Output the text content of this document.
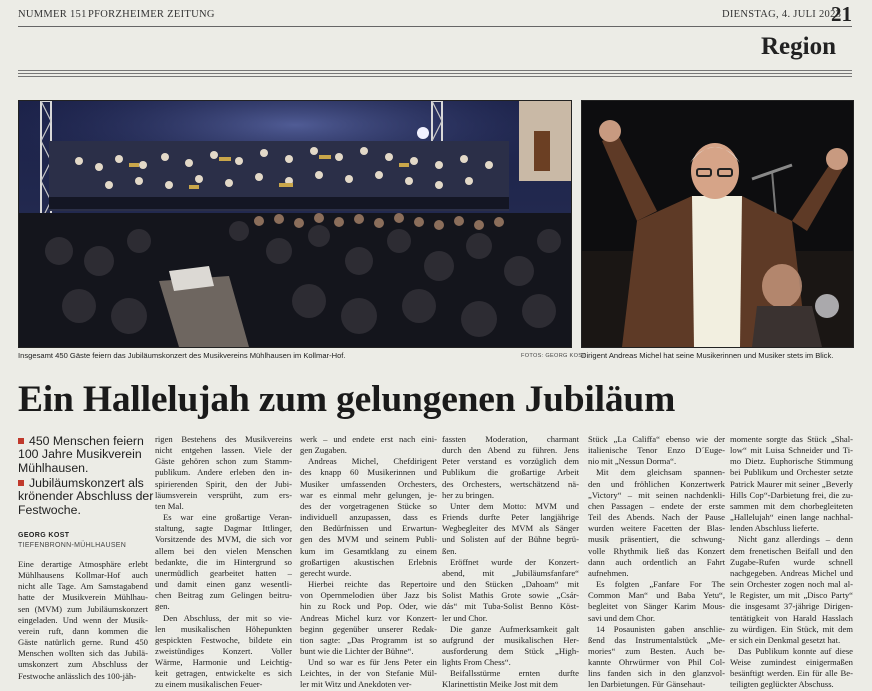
NUMMER 151 PFORZHEIMER ZEITUNG	DIENSTAG, 4. JULI 2023
21
Region
Insgesamt 450 Gäste feiern das Jubiläumskonzert des Musikvereins Mühlhausen im Kollmar-Hof.	FOTOS: GEORG KOST
Dirigent Andreas Michel hat seine Musikerinnen und Musiker stets im Blick.
Ein Hallelujah zum gelungenen Jubiläum
450 Menschen feiern
100 Jahre Musikverein
Mühlhausen.
Jubiläumskonzert als
krönender Abschluss der
Festwoche.
GEORG KOST
TIEFENBRONN-MÜHLHAUSEN
Eine derartige Atmosphäre erlebt
Mühlhausens Kollmar-Hof auch
nicht alle Tage. Am Samstagabend
hatte der Musikverein Mühlhau-
sen (MVM) zum Jubiläumskonzert
eingeladen. Und wenn der Musik-
verein ruft, dann kommen die
Gäste natürlich gerne. Rund 450
Menschen wollten sich das Jubilä-
umskonzert zum Abschluss der
Festwoche anlässlich des 100-jäh-
rigen Bestehens des Musikvereins
nicht entgehen lassen. Viele der
Gäste gehören schon zum Stamm-
publikum. Andere erleben den in-
spirierenden Spirit, den der Jubi-
läumsverein versprüht, zum ers-
ten Mal.
Es war eine großartige Veran-
staltung, sagte Dagmar Ittlinger,
Vorsitzende des MVM, die sich vor
allem bei den vielen Menschen
bedankte, die im Hintergrund so
unermüdlich gearbeitet hatten –
und damit einen ganz wesentli-
chen Beitrag zum Gelingen beitru-
gen.
Den Abschluss, der mit so vie-
len musikalischen Höhepunkten
gespickten Festwoche, bildete ein
zweistündiges Konzert. Voller
Wärme, Harmonie und Leichtig-
keit getragen, entwickelte es sich
zu einem musikalischen Feuer-
werk – und endete erst nach eini-
gen Zugaben.
Andreas Michel, Chefdirigent
des knapp 60 Musikerinnen und
Musiker umfassenden Orchesters,
war es einmal mehr gelungen, je-
des der vorgetragenen Stücke so
individuell anzupassen, dass es
den Bedürfnissen und Erwartun-
gen des MVM und seinem Publi-
kum im Gesamtklang zu einem
großartigen akustischen Erlebnis
gerecht wurde.
Hierbei reichte das Repertoire
von Opernmelodien über Jazz bis
hin zu Rock und Pop. Oder, wie
Andreas Michel kurz vor Konzert-
beginn gegenüber unserer Redak-
tion sagte: „Das Programm ist so
bunt wie die Lichter der Bühne“.
Und so war es für Jens Peter ein
Leichtes, in der von Stefanie Mül-
ler mit Witz und Anekdoten ver-
fassten Moderation, charmant
durch den Abend zu führen. Jens
Peter verstand es vorzüglich dem
Publikum die großartige Arbeit
des Orchesters, wertschätzend nä-
her zu bringen.
Unter dem Motto: MVM und
Friends durfte Peter langjährige
Wegbegleiter des MVM als Sänger
und Solisten auf der Bühne begrü-
ßen.
Eröffnet wurde der Konzert-
abend, mit „Jubiläumsfanfare“
und den Stücken „Dahoam“ mit
Solist Mathis Grote sowie „Csár-
dás“ mit Tuba-Solist Benno Köst-
ler und Chor.
Die ganze Aufmerksamkeit galt
aufgrund der musikalischen Her-
ausforderung dem Stück „High-
lights From Chess“.
Beifallsstürme ernten durfte
Klarinettistin Meike Jost mit dem
Stück „La Califfa“ ebenso wie der
italienische Tenor Enzo D´Euge-
nio mit „Nessun Dorma“.
Mit dem gleichsam spannen-
den und fröhlichen Konzertwerk
„Victory“ – mit seinen nachdenkli-
chen Passagen – endete der erste
Teil des Abends. Nach der Pause
wurden weitere Facetten der Blas-
musik präsentiert, die schwung-
volle Rhythmik ließ das Konzert
dann auch ordentlich an Fahrt
aufnehmen.
Es folgten „Fanfare For The
Common Man“ und Baba Yetu“,
begleitet von Sänger Karim Mous-
savi und dem Chor.
14 Posaunisten gaben anschlie-
ßend das Instrumentalstück „Me-
mories“ zum Besten. Auch be-
kannte Ohrwürmer von Phil Col-
lins fanden sich in den glanzvol-
len Darbietungen. Für Gänsehaut-
momente sorgte das Stück „Shal-
low“ mit Luisa Schneider und Ti-
mo Dietz. Euphorische Stimmung
bei Publikum und Orchester setzte
Patrick Maurer mit seiner „Beverly
Hills Cop“-Darbietung frei, die zu-
sammen mit dem chorbegleiteten
„Hallelujah“ einen lange nachhal-
lenden Abschluss lieferte.
Nicht ganz allerdings – denn
dem frenetischen Beifall und den
Zugabe-Rufen wurde schnell
nachgegeben. Andreas Michel und
sein Orchester zogen noch mal al-
le Register, um mit „Disco Party“
die insgesamt 37-jährige Dirigen-
tentätigkeit von Harald Hasslach
zu würdigen. Ein Stück, mit dem
er sich ein Denkmal gesetzt hat.
Das Publikum konnte auf diese
Weise zumindest einigermaßen
besänftigt werden. Ein für alle Be-
teiligten geglückter Abschuss.
